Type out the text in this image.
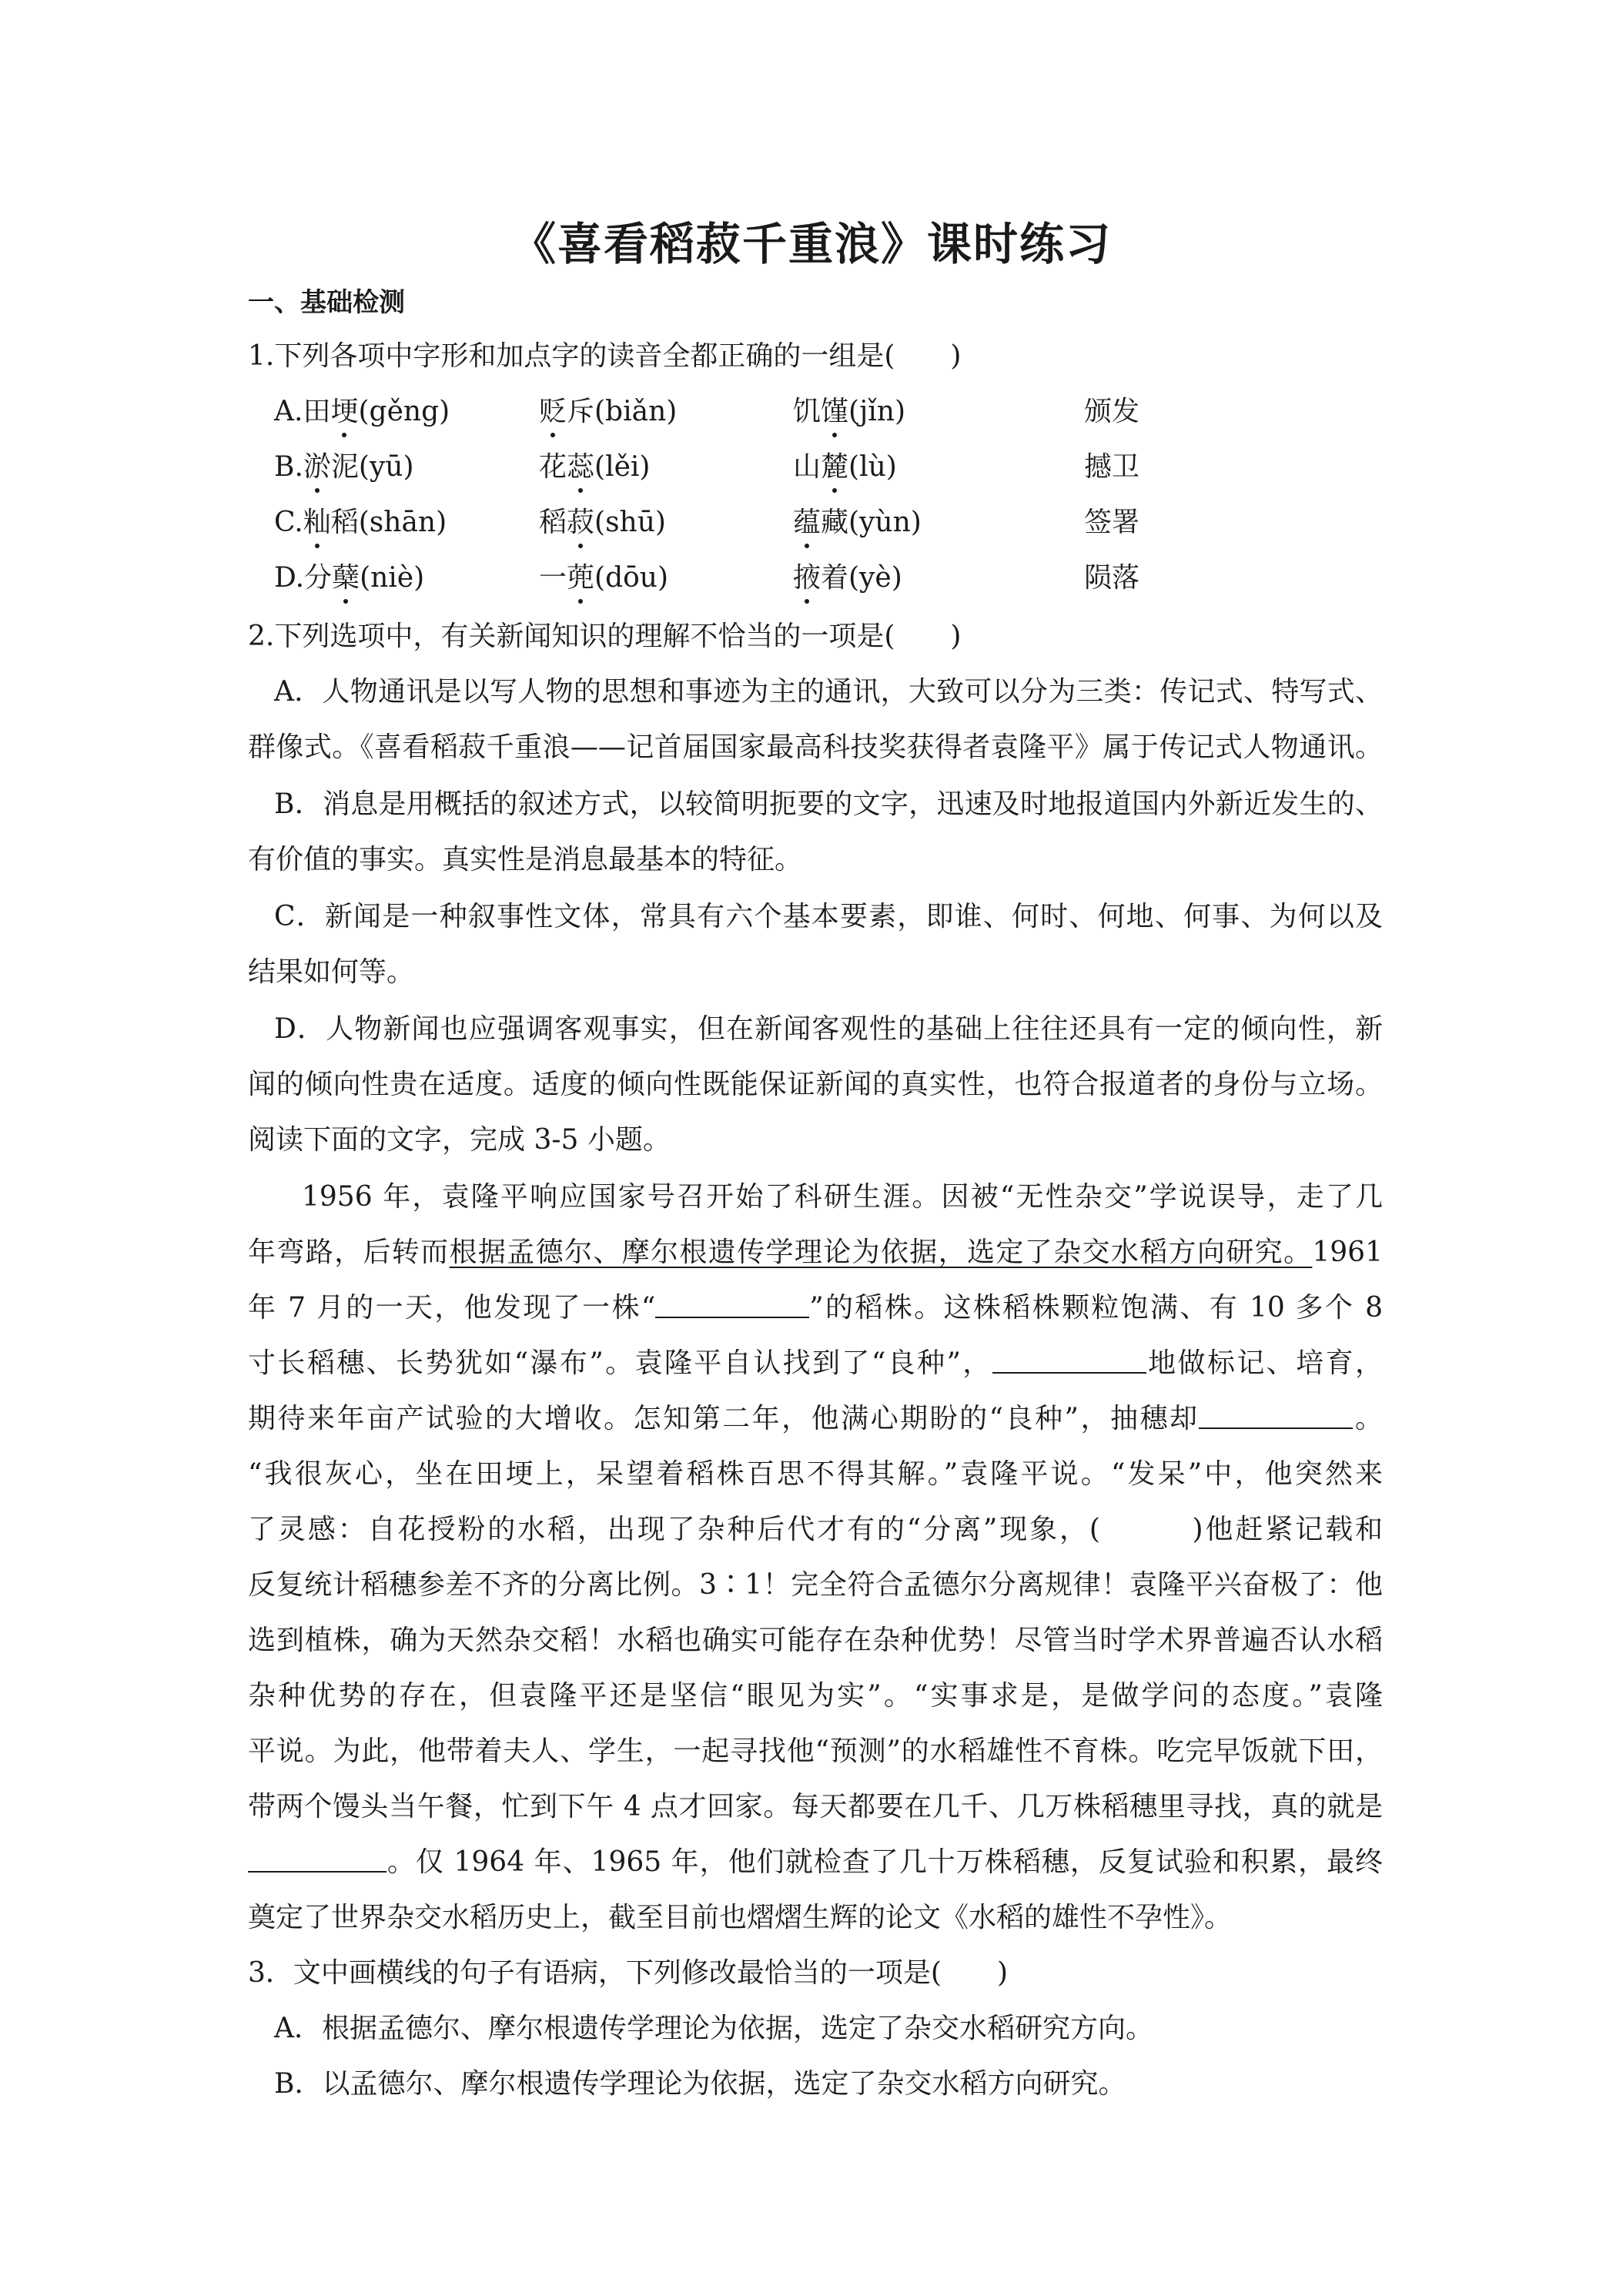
《喜看稻菽千重浪》课时练习
一、基础检测
1.下列各项中字形和加点字的读音全都正确的一组是(　　)
A.田埂(gěng)	贬斥(biǎn)	饥馑(jǐn)	颁发
B.淤泥(yū)	花蕊(lěi)	山麓(lù)	撼卫
C.籼稻(shān)	稻菽(shū)	蕴藏(yùn)	签署
D.分蘖(niè)	一蔸(dōu)	掖着(yè)	陨落
2.下列选项中，有关新闻知识的理解不恰当的一项是(　　)
A．人物通讯是以写人物的思想和事迹为主的通讯，大致可以分为三类：传记式、特写式、
群像式。《喜看稻菽千重浪——记首届国家最高科技奖获得者袁隆平》属于传记式人物通讯。
B．消息是用概括的叙述方式，以较简明扼要的文字，迅速及时地报道国内外新近发生的、
有价值的事实。真实性是消息最基本的特征。
C．新闻是一种叙事性文体，常具有六个基本要素，即谁、何时、何地、何事、为何以及
结果如何等。
D．人物新闻也应强调客观事实，但在新闻客观性的基础上往往还具有一定的倾向性，新
闻的倾向性贵在适度。适度的倾向性既能保证新闻的真实性，也符合报道者的身份与立场。
阅读下面的文字，完成 3-5 小题。
1956 年，袁隆平响应国家号召开始了科研生涯。因被“无性杂交”学说误导，走了几
年弯路，后转而根据孟德尔、摩尔根遗传学理论为依据，选定了杂交水稻方向研究。1961
年 7 月的一天，他发现了一株“	”的稻株。这株稻株颗粒饱满、有 10 多个 8
寸长稻穗、长势犹如“瀑布”。袁隆平自认找到了“良种”，	地做标记、培育，
期待来年亩产试验的大增收。怎知第二年，他满心期盼的“良种”，抽穗却	。
“我很灰心，坐在田埂上，呆望着稻株百思不得其解。”袁隆平说。“发呆”中，他突然来
了灵感：自花授粉的水稻，出现了杂种后代才有的“分离”现象，(　　　)他赶紧记载和
反复统计稻穗参差不齐的分离比例。3∶1！完全符合孟德尔分离规律！袁隆平兴奋极了：他
选到植株，确为天然杂交稻！水稻也确实可能存在杂种优势！尽管当时学术界普遍否认水稻
杂种优势的存在，但袁隆平还是坚信“眼见为实”。“实事求是，是做学问的态度。”袁隆
平说。为此，他带着夫人、学生，一起寻找他“预测”的水稻雄性不育株。吃完早饭就下田，
带两个馒头当午餐，忙到下午 4 点才回家。每天都要在几千、几万株稻穗里寻找，真的就是
。仅 1964 年、1965 年，他们就检查了几十万株稻穗，反复试验和积累，最终
奠定了世界杂交水稻历史上，截至目前也熠熠生辉的论文《水稻的雄性不孕性》。
3．文中画横线的句子有语病，下列修改最恰当的一项是(　　)
A．根据孟德尔、摩尔根遗传学理论为依据，选定了杂交水稻研究方向。
B．以孟德尔、摩尔根遗传学理论为依据，选定了杂交水稻方向研究。
